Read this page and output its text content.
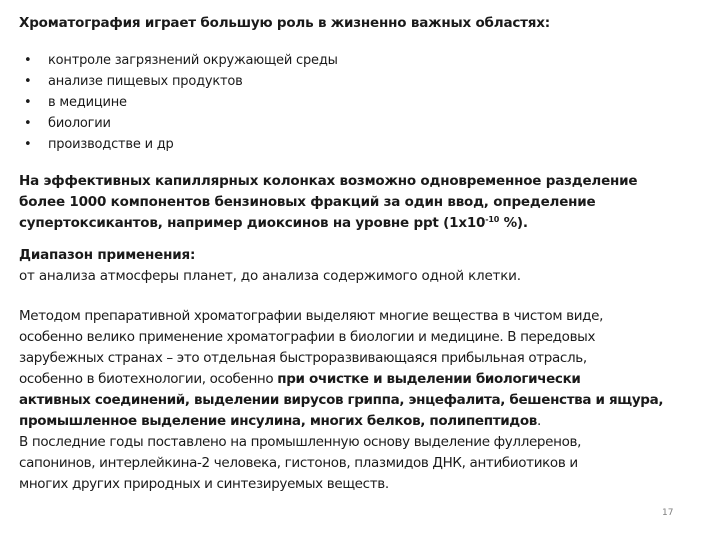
Хроматография играет большую роль в жизненно важных областях:
• контроле загрязнений окружающей среды
• анализе пищевых продуктов
• в медицине
• биологии
• производстве и др
На эффективных капиллярных колонках возможно одновременное разделение
более 1000 компонентов бензиновых фракций за один ввод, определение
супертоксикантов, например диоксинов на уровне ppt ($1х10^{-10}$ %).
Диапазон применения:
от анализа атмосферы планет, до анализа содержимого одной клетки.
Методом препаративной хроматографии выделяют многие вещества в чистом виде,
особенно велико применение хроматографии в биологии и медицине. В передовых
зарубежных странах – это отдельная быстроразвивающаяся прибыльная отрасль,
особенно в биотехнологии, особенно при очистке и выделении биологически
активных соединений, выделении вирусов гриппа, энцефалита, бешенства и ящура,
промышленное выделение инсулина, многих белков, полипептидов.
В последние годы поставлено на промышленную основу выделение фуллеренов,
сапонинов, интерлейкина-2 человека, гистонов, плазмидов ДНК, антибиотиков и
многих других природных и синтезируемых веществ.
17
